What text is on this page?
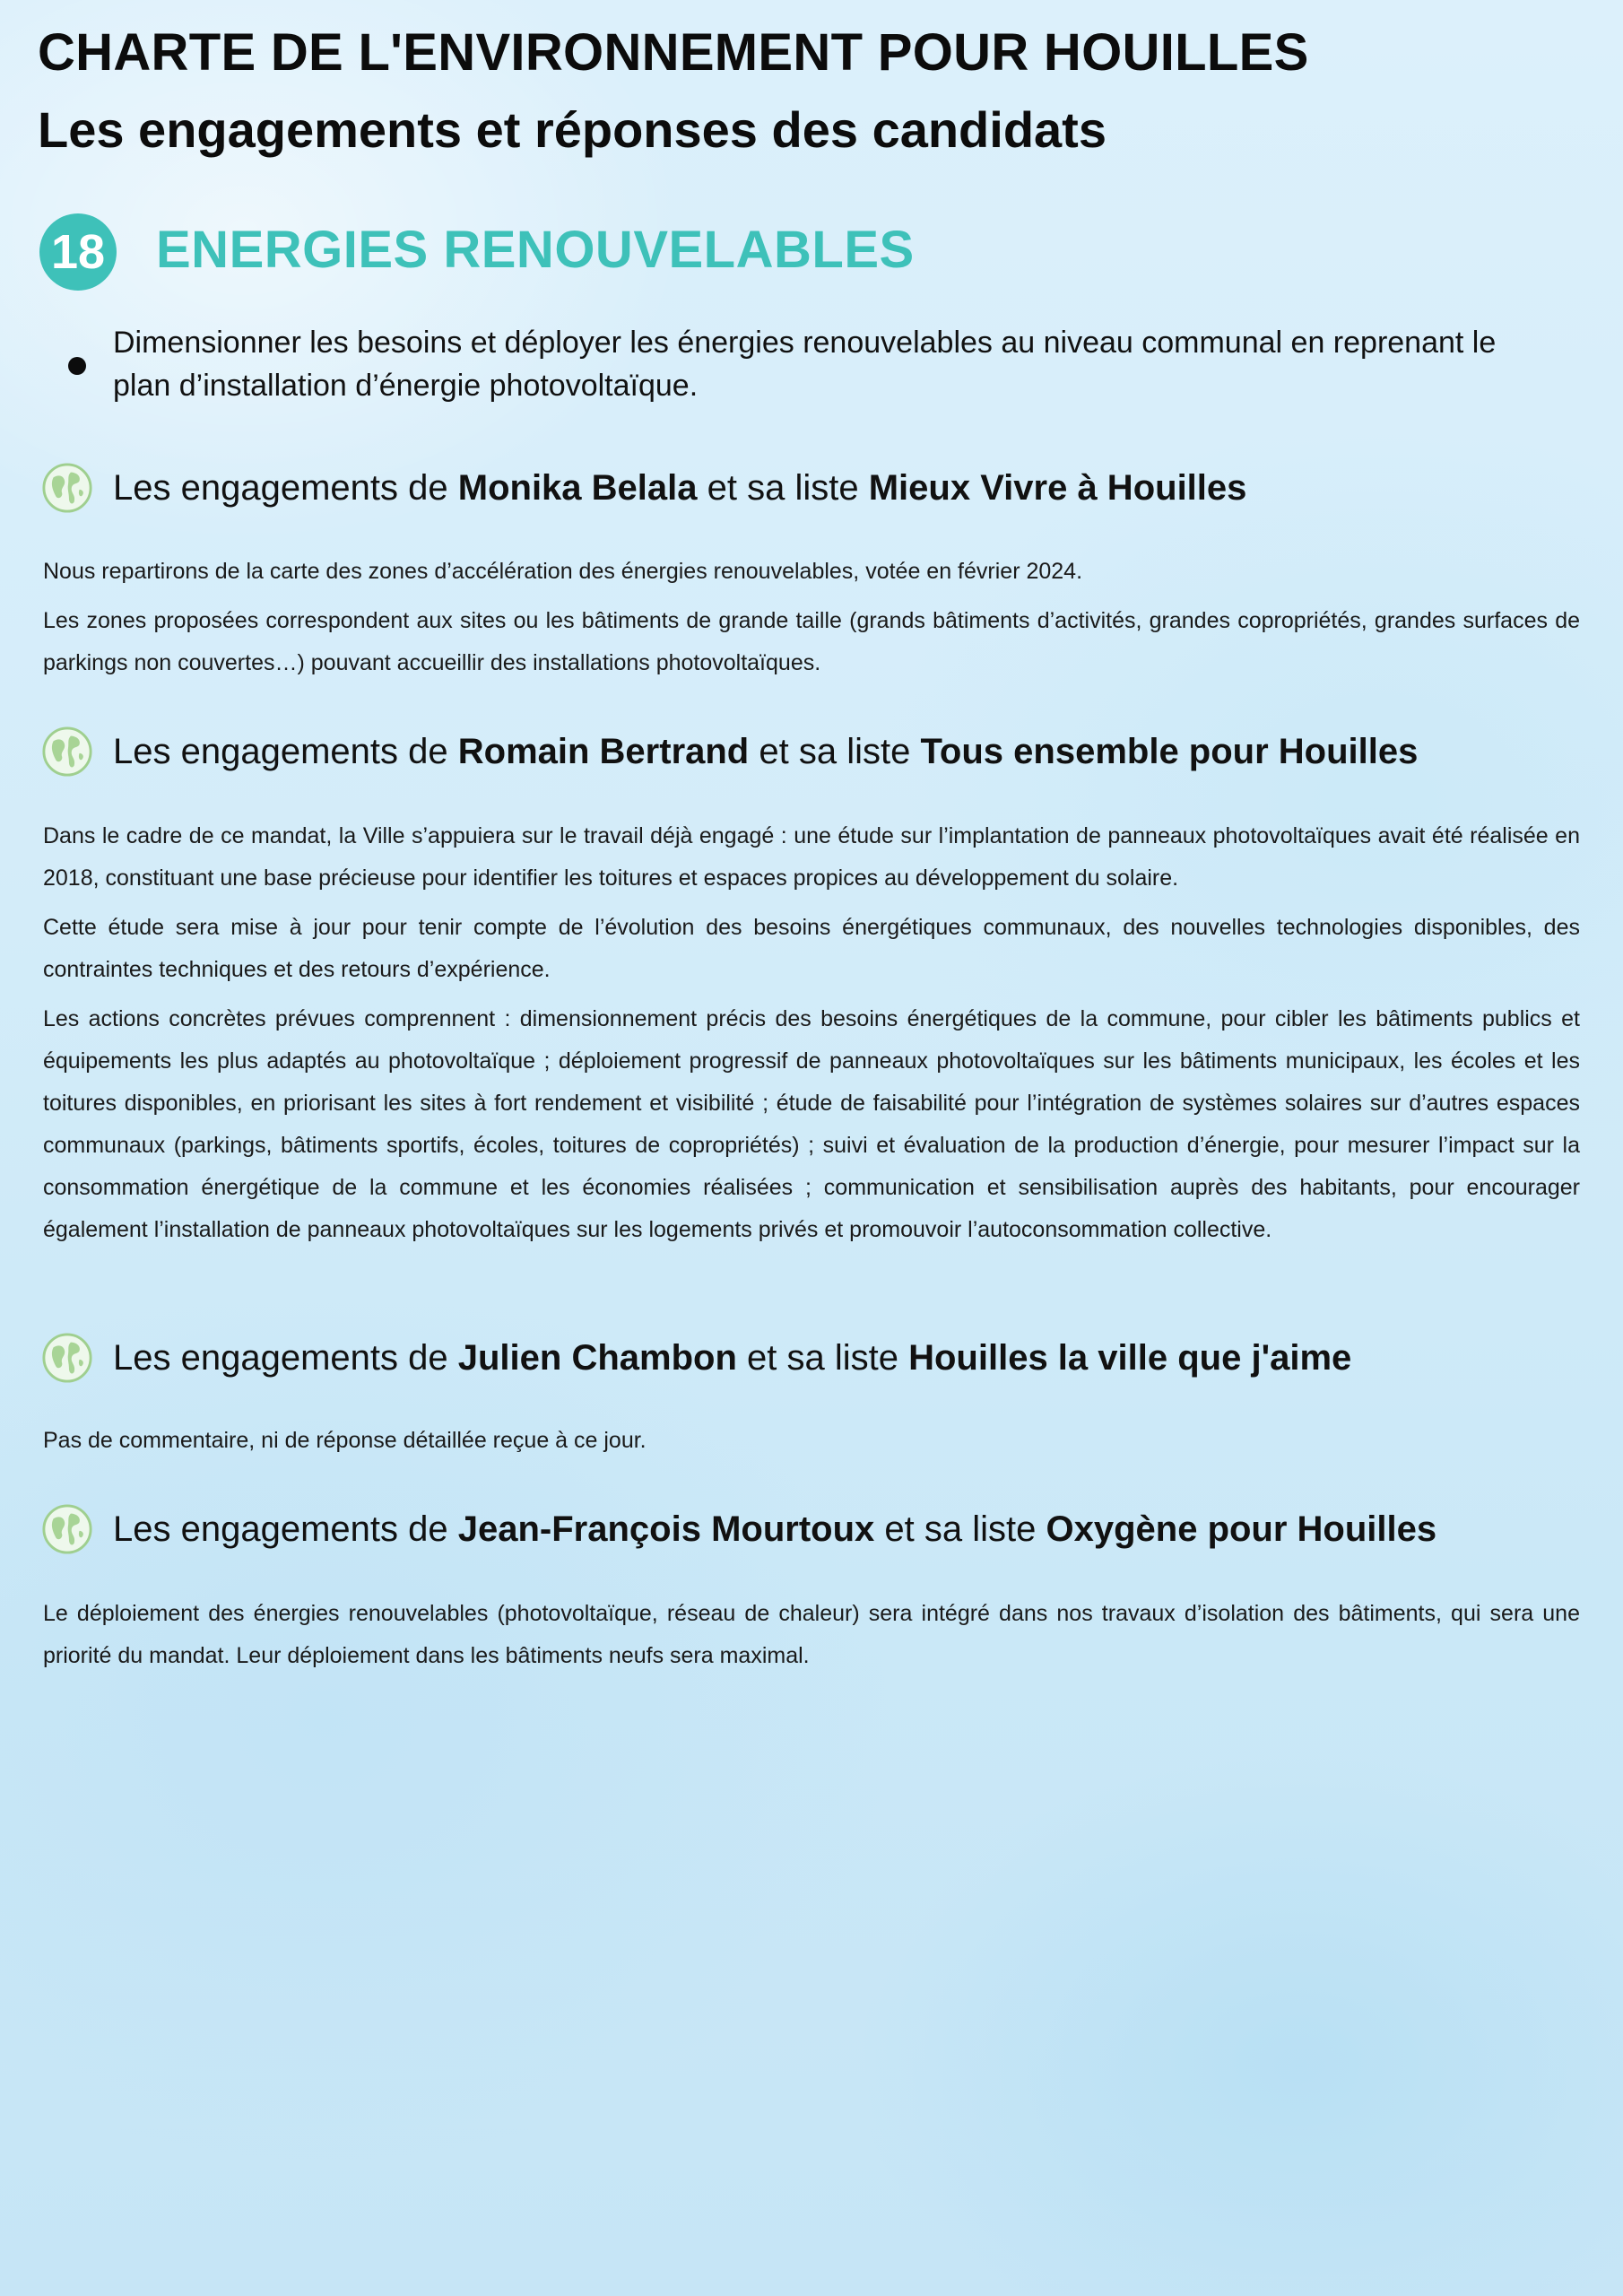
CHARTE DE L'ENVIRONNEMENT POUR HOUILLES
Les engagements et réponses des candidats
18 ENERGIES RENOUVELABLES

Dimensionner les besoins et déployer les énergies renouvelables au niveau communal en reprenant le plan d’installation d’énergie photovoltaïque.

Les engagements de
Monika Belala
et sa liste
Mieux Vivre à Houilles

Nous repartirons de la carte des zones d’accélération des énergies renouvelables, votée en février 2024.

Les zones proposées correspondent aux sites ou les bâtiments de grande taille (grands bâtiments d’activités, grandes copropriétés, grandes surfaces de parkings non couvertes…) pouvant accueillir des installations photovoltaïques.

Les engagements de
Romain Bertrand
et sa liste
Tous ensemble pour Houilles

Dans le cadre de ce mandat, la Ville s’appuiera sur le travail déjà engagé : une étude sur l’implantation de panneaux photovoltaïques avait été réalisée en 2018, constituant une base précieuse pour identifier les toitures et espaces propices au développement du solaire.

Cette étude sera mise à jour pour tenir compte de l’évolution des besoins énergétiques communaux, des nouvelles technologies disponibles, des contraintes techniques et des retours d’expérience.

Les actions concrètes prévues comprennent : dimensionnement précis des besoins énergétiques de la commune, pour cibler les bâtiments publics et équipements les plus adaptés au photovoltaïque ; déploiement progressif de panneaux photovoltaïques sur les bâtiments municipaux, les écoles et les toitures disponibles, en priorisant les sites à fort rendement et visibilité ; étude de faisabilité pour l’intégration de systèmes solaires sur d’autres espaces communaux (parkings, bâtiments sportifs, écoles, toitures de copropriétés) ; suivi et évaluation de la production d’énergie, pour mesurer l’impact sur la consommation énergétique de la commune et les économies réalisées ; communication et sensibilisation auprès des habitants, pour encourager également l’installation de panneaux photovoltaïques sur les logements privés et promouvoir l’autoconsommation collective.

Les engagements de
Julien Chambon
et sa liste
Houilles la ville que j'aime

Pas de commentaire, ni de réponse détaillée reçue à ce jour.

Les engagements de
Jean-François Mourtoux
et sa liste
Oxygène pour Houilles

Le déploiement des énergies renouvelables (photovoltaïque, réseau de chaleur) sera intégré dans nos travaux d’isolation des bâtiments, qui sera une priorité du mandat. Leur déploiement dans les bâtiments neufs sera maximal.
